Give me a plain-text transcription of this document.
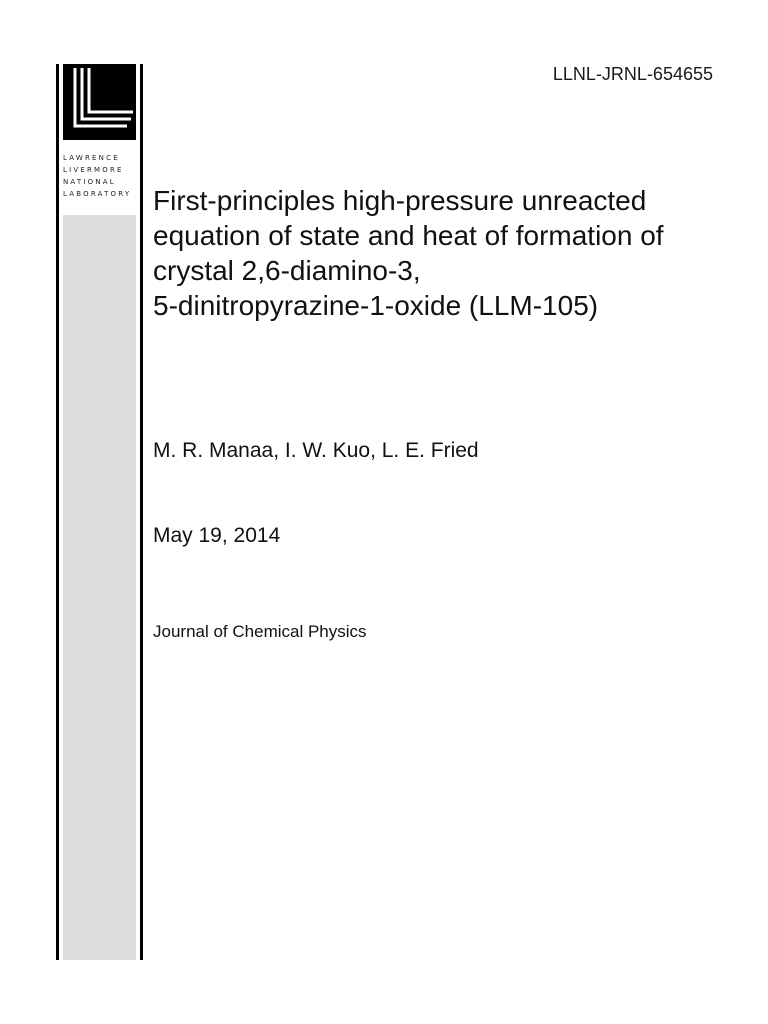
LAWRENCE
LIVERMORE
NATIONAL
LABORATORY
LLNL-JRNL-654655
First-principles high-pressure unreacted
equation of state and heat of formation of
crystal 2,6-diamino-3,
5-dinitropyrazine-1-oxide (LLM-105)
M. R. Manaa, I. W. Kuo, L. E. Fried
May 19, 2014
Journal of Chemical Physics
